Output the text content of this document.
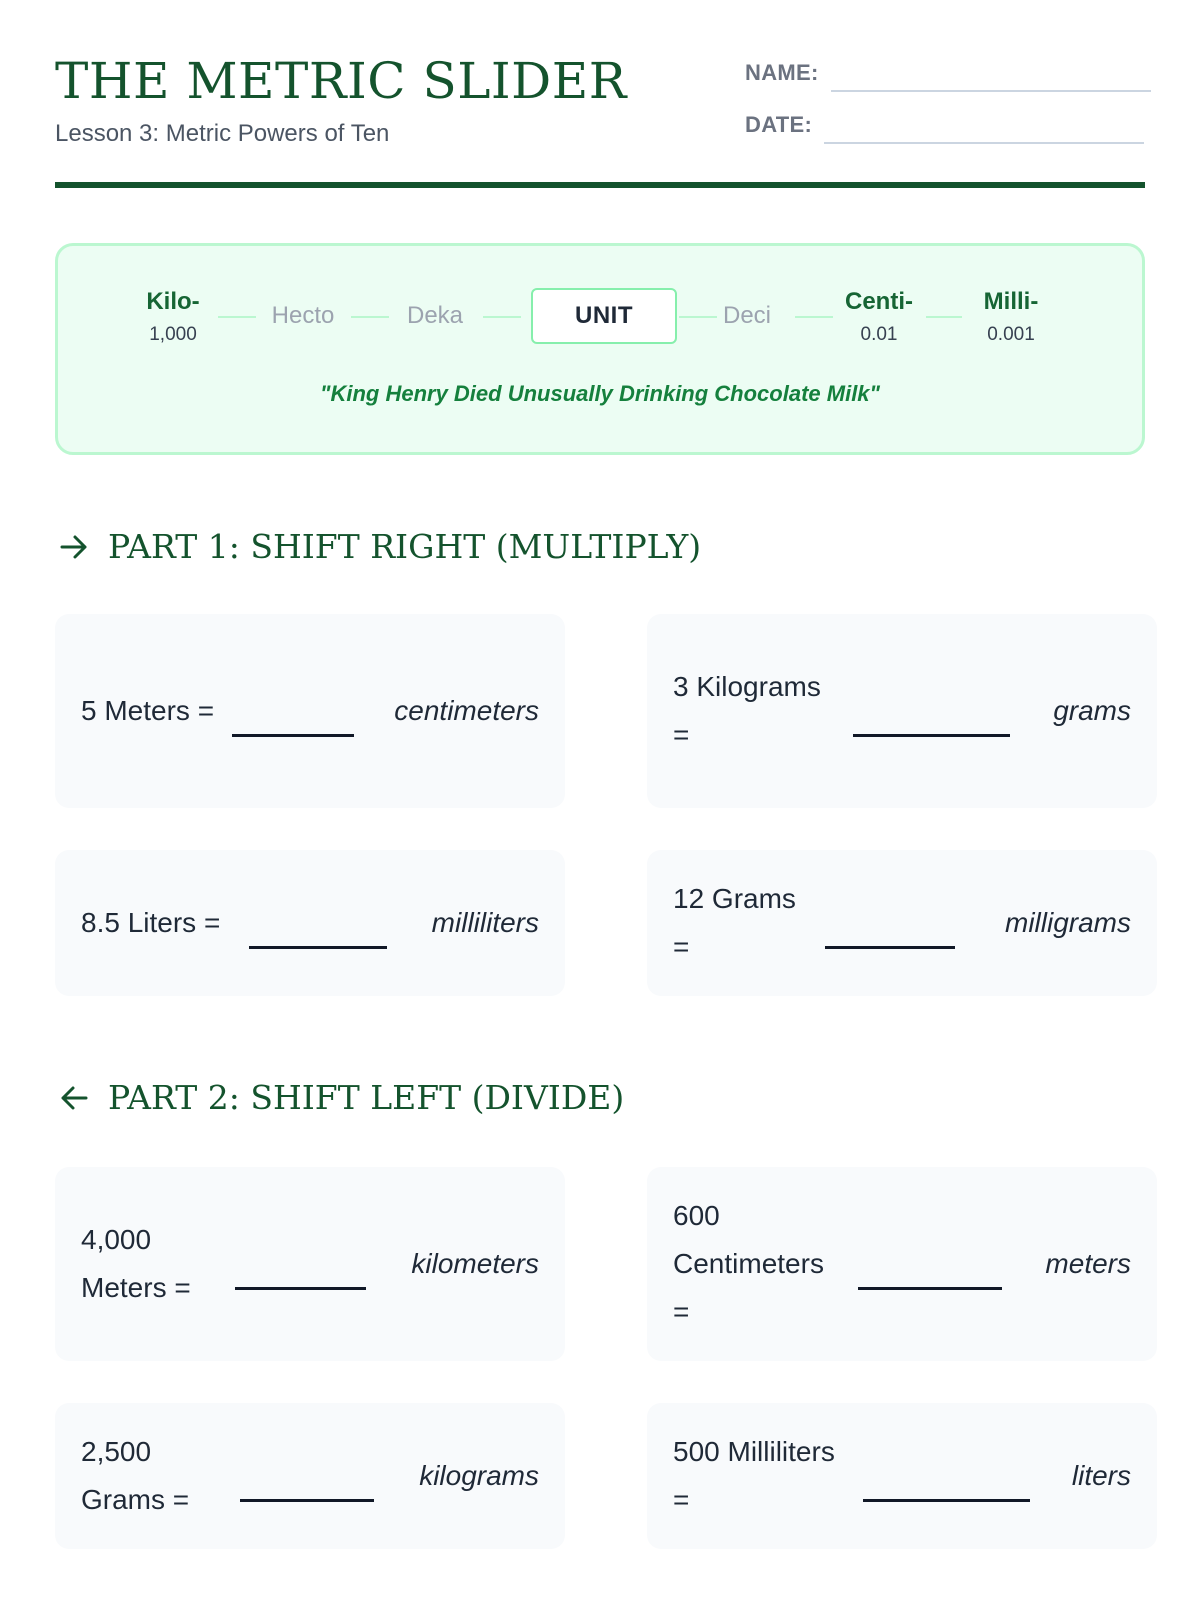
THE METRIC SLIDER
Lesson 3: Metric Powers of Ten
NAME:
DATE:
Kilo-
1,000
Hecto	Deka	UNIT	Deci
Centi-
0.01
Milli-
0.001
"King Henry Died Unusually Drinking Chocolate Milk"
PART 1: SHIFT RIGHT (MULTIPLY)
5 Meters =	centimeters
3 Kilograms =
grams
8.5 Liters =	milliliters
12 Grams =
milligrams
PART 2: SHIFT LEFT (DIVIDE)
4,000 Meters =
kilometers
600 Centimeters =
meters
2,500 Grams =
kilograms
500 Milliliters =
liters
